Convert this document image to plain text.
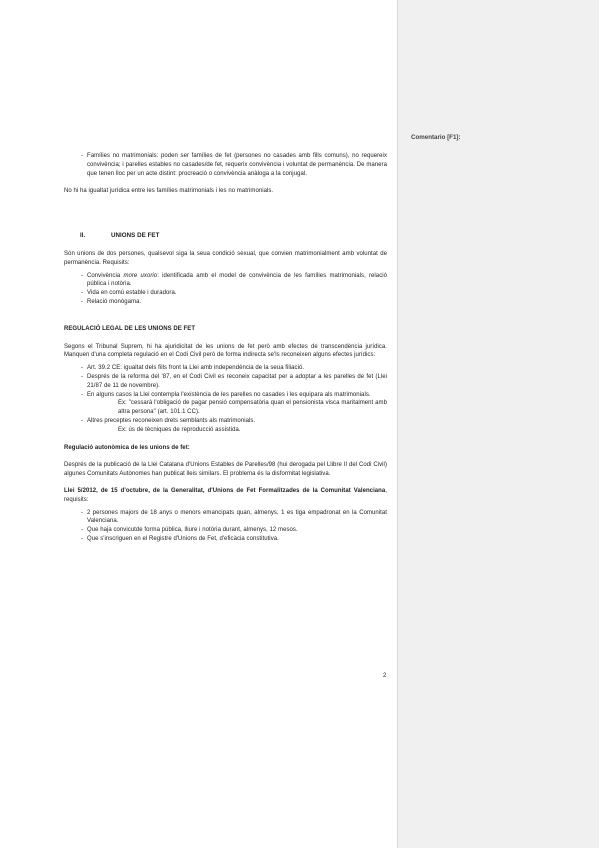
- Famílies no matrimonials: poden ser famílies de fet (persones no casades amb fills comuns), no requereix convivència; i parelles estables no casades/de fet, requerix convivència i voluntat de permanència. De manera que tenen lloc per un acte distint: procreació o convivència anàloga a la conjugal.

No hi ha igualtat jurídica entre les famílies matrimonials i les no matrimonials.

II.	UNIONS DE FET

Són unions de dos persones, qualsevol siga la seua condició sexual, que convien matrimonialment amb voluntat de permanència. Requisits:

- Convivència more uxorio: identificada amb el model de convivència de les famílies matrimonials, relació pública i notòria.
- Vida en comú estable i duradora.
- Relació monògama.
REGULACIÓ LEGAL DE LES UNIONS DE FET

Segons el Tribunal Suprem, hi ha ajuridicitat de les unions de fet però amb efectes de transcendència jurídica. Manquen d'una completa regulació en el Codi Civil però de forma indirecta se'ls reconeixen alguns efectes jurídics:

- Art. 39.2 CE: igualtat dels fills front la Llei amb independència de la seua filiació.
- Després de la reforma del '87, en el Codi Civil es reconeix capacitat per a adoptar a les parelles de fet (Llei 21/87 de 11 de novembre).
- En alguns casos la Llei contempla l'existència de les parelles no casades i les equipara als matrimonials.

Ex: "cessarà l'obligació de pagar pensió compensatòria quan el pensionista visca maritalment amb altra persona" (art. 101.1 CC).

- Altres preceptes reconeixen drets semblants als matrimonials.

Ex: ús de tècniques de reproducció assistida.

Regulació autonòmica de les unions de fet:

Després de la publicació de la Llei Catalana d'Unions Estables de Parelles/98 (hui derogada pel Llibre II del Codi Civil) algunes Comunitats Autònomes han publicat lleis similars. El problema és la disformitat legislativa.

Llei 5/2012, de 15 d'octubre, de la Generalitat, d'Unions de Fet Formalitzades de la Comunitat Valenciana, requisits:

- 2 persones majors de 18 anys o menors emancipats quan, almenys, 1 es tiga empadronat en la Comunitat Valenciana.
- Que haja convicutde forma pública, lliure i notòria durant, almenys, 12 mesos.
- Que s'inscriguen en el Registre d'Unions de Fet, d'eficàcia constitutiva.
2
Comentario [F1]:
